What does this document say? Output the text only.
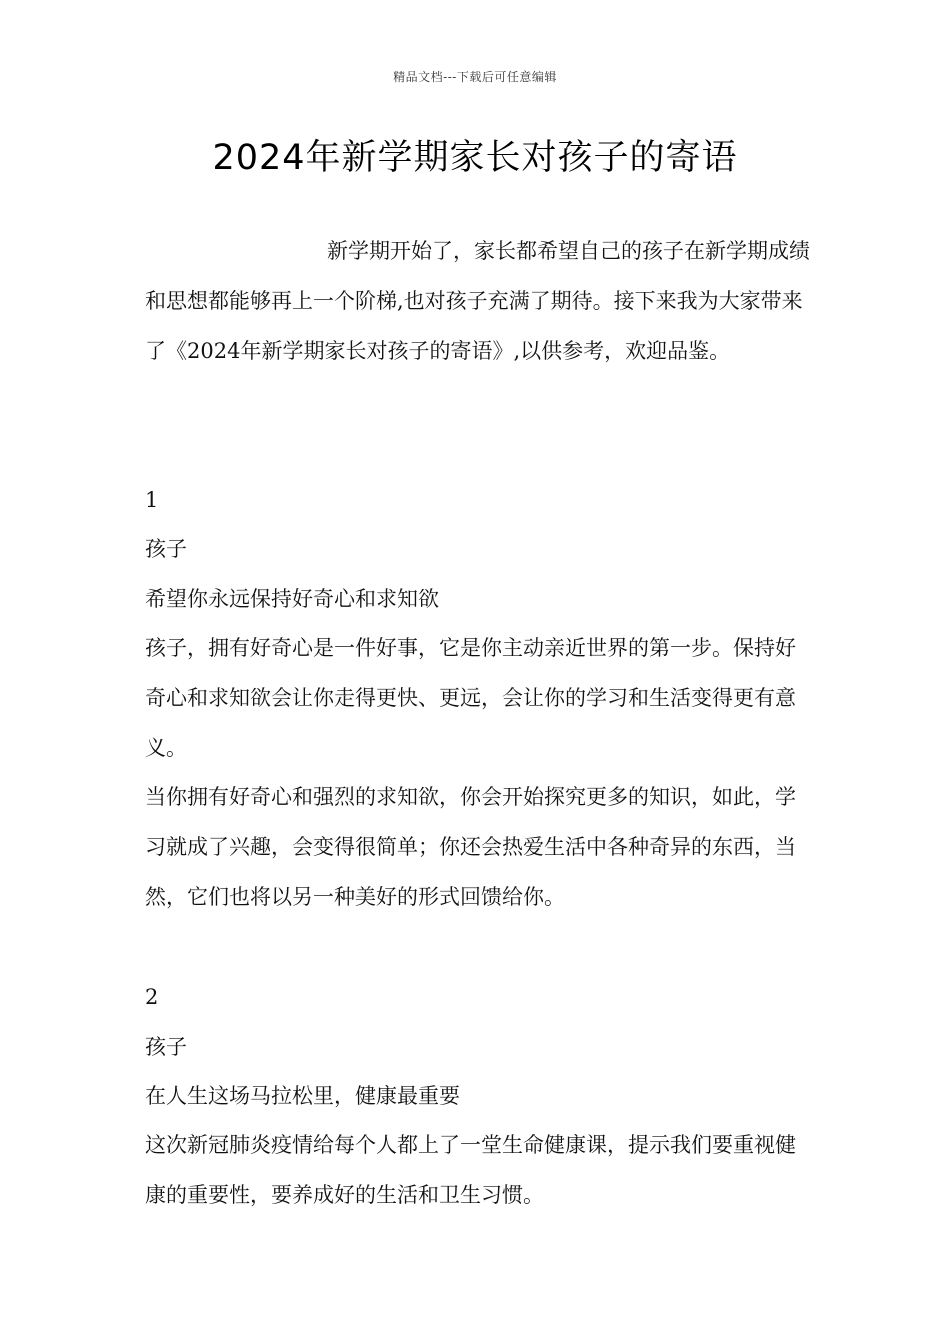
精品文档---下载后可任意编辑
2024年新学期家长对孩子的寄语
新学期开始了，家长都希望自己的孩子在新学期成绩和思想都能够再上一个阶梯,也对孩子充满了期待。接下来我为大家带来了《2024年新学期家长对孩子的寄语》,以供参考，欢迎品鉴。
1
孩子
希望你永远保持好奇心和求知欲
孩子，拥有好奇心是一件好事，它是你主动亲近世界的第一步。保持好奇心和求知欲会让你走得更快、更远，会让你的学习和生活变得更有意义。
当你拥有好奇心和强烈的求知欲，你会开始探究更多的知识，如此，学习就成了兴趣，会变得很简单；你还会热爱生活中各种奇异的东西，当然，它们也将以另一种美好的形式回馈给你。
2
孩子
在人生这场马拉松里，健康最重要
这次新冠肺炎疫情给每个人都上了一堂生命健康课，提示我们要重视健康的重要性，要养成好的生活和卫生习惯。
